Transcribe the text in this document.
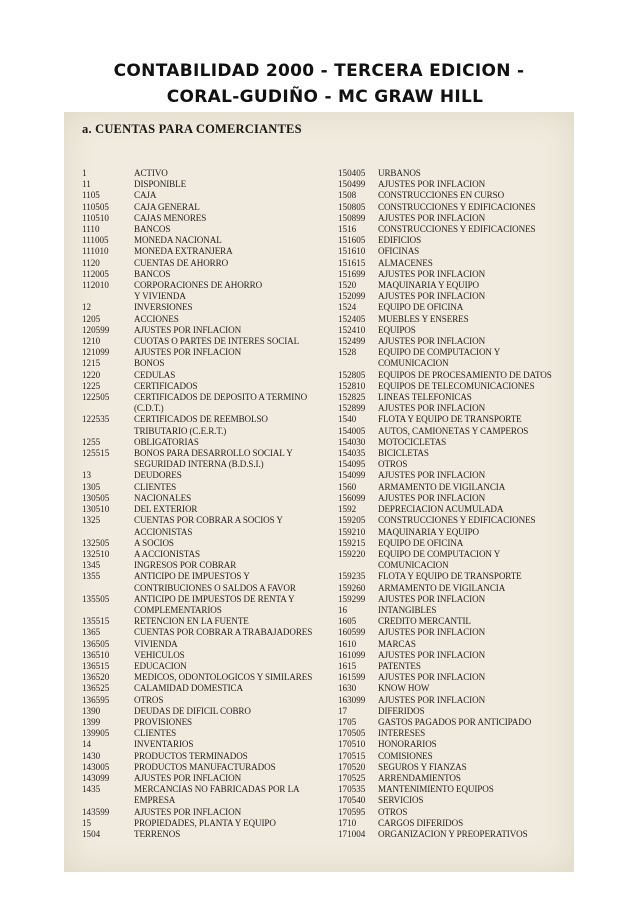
CONTABILIDAD 2000 - TERCERA EDICION -
CORAL-GUDIÑO - MC GRAW HILL
a. CUENTAS PARA COMERCIANTES
1	ACTIVO
11	DISPONIBLE
1105	CAJA
110505	CAJA GENERAL
110510	CAJAS MENORES
1110	BANCOS
111005	MONEDA NACIONAL
111010	MONEDA EXTRANJERA
1120	CUENTAS DE AHORRO
112005	BANCOS
112010	CORPORACIONES DE AHORRO
Y VIVIENDA
12	INVERSIONES
1205	ACCIONES
120599	AJUSTES POR INFLACION
1210	CUOTAS O PARTES DE INTERES SOCIAL
121099	AJUSTES POR INFLACION
1215	BONOS
1220	CEDULAS
1225	CERTIFICADOS
122505	CERTIFICADOS DE DEPOSITO A TERMINO
(C.D.T.)
122535	CERTIFICADOS DE REEMBOLSO
TRIBUTARIO (C.E.R.T.)
1255	OBLIGATORIAS
125515	BONOS PARA DESARROLLO SOCIAL Y
SEGURIDAD INTERNA (B.D.S.I.)
13	DEUDORES
1305	CLIENTES
130505	NACIONALES
130510	DEL EXTERIOR
1325	CUENTAS POR COBRAR A SOCIOS Y
ACCIONISTAS
132505	A SOCIOS
132510	A ACCIONISTAS
1345	INGRESOS POR COBRAR
1355	ANTICIPO DE IMPUESTOS Y
CONTRIBUCIONES O SALDOS A FAVOR
135505	ANTICIPO DE IMPUESTOS DE RENTA Y
COMPLEMENTARIOS
135515	RETENCION EN LA FUENTE
1365	CUENTAS POR COBRAR A TRABAJADORES
136505	VIVIENDA
136510	VEHICULOS
136515	EDUCACION
136520	MEDICOS, ODONTOLOGICOS Y SIMILARES
136525	CALAMIDAD DOMESTICA
136595	OTROS
1390	DEUDAS DE DIFICIL COBRO
1399	PROVISIONES
139905	CLIENTES
14	INVENTARIOS
1430	PRODUCTOS TERMINADOS
143005	PRODUCTOS MANUFACTURADOS
143099	AJUSTES POR INFLACION
1435	MERCANCIAS NO FABRICADAS POR LA
EMPRESA
143599	AJUSTES POR INFLACION
15	PROPIEDADES, PLANTA Y EQUIPO
1504	TERRENOS
150405	URBANOS
150499	AJUSTES POR INFLACION
1508	CONSTRUCCIONES EN CURSO
150805	CONSTRUCCIONES Y EDIFICACIONES
150899	AJUSTES POR INFLACION
1516	CONSTRUCCIONES Y EDIFICACIONES
151605	EDIFICIOS
151610	OFICINAS
151615	ALMACENES
151699	AJUSTES POR INFLACION
1520	MAQUINARIA Y EQUIPO
152099	AJUSTES POR INFLACION
1524	EQUIPO DE OFICINA
152405	MUEBLES Y ENSERES
152410	EQUIPOS
152499	AJUSTES POR INFLACION
1528	EQUIPO DE COMPUTACION Y
COMUNICACION
152805	EQUIPOS DE PROCESAMIENTO DE DATOS
152810	EQUIPOS DE TELECOMUNICACIONES
152825	LINEAS TELEFONICAS
152899	AJUSTES POR INFLACION
1540	FLOTA Y EQUIPO DE TRANSPORTE
154005	AUTOS, CAMIONETAS Y CAMPEROS
154030	MOTOCICLETAS
154035	BICICLETAS
154095	OTROS
154099	AJUSTES POR INFLACION
1560	ARMAMENTO DE VIGILANCIA
156099	AJUSTES POR INFLACION
1592	DEPRECIACION ACUMULADA
159205	CONSTRUCCIONES Y EDIFICACIONES
159210	MAQUINARIA Y EQUIPO
159215	EQUIPO DE OFICINA
159220	EQUIPO DE COMPUTACION Y
COMUNICACION
159235	FLOTA Y EQUIPO DE TRANSPORTE
159260	ARMAMENTO DE VIGILANCIA
159299	AJUSTES POR INFLACION
16	INTANGIBLES
1605	CREDITO MERCANTIL
160599	AJUSTES POR INFLACION
1610	MARCAS
161099	AJUSTES POR INFLACION
1615	PATENTES
161599	AJUSTES POR INFLACION
1630	KNOW HOW
163099	AJUSTES POR INFLACION
17	DIFERIDOS
1705	GASTOS PAGADOS POR ANTICIPADO
170505	INTERESES
170510	HONORARIOS
170515	COMISIONES
170520	SEGUROS Y FIANZAS
170525	ARRENDAMIENTOS
170535	MANTENIMIENTO EQUIPOS
170540	SERVICIOS
170595	OTROS
1710	CARGOS DIFERIDOS
171004	ORGANIZACION Y PREOPERATIVOS
